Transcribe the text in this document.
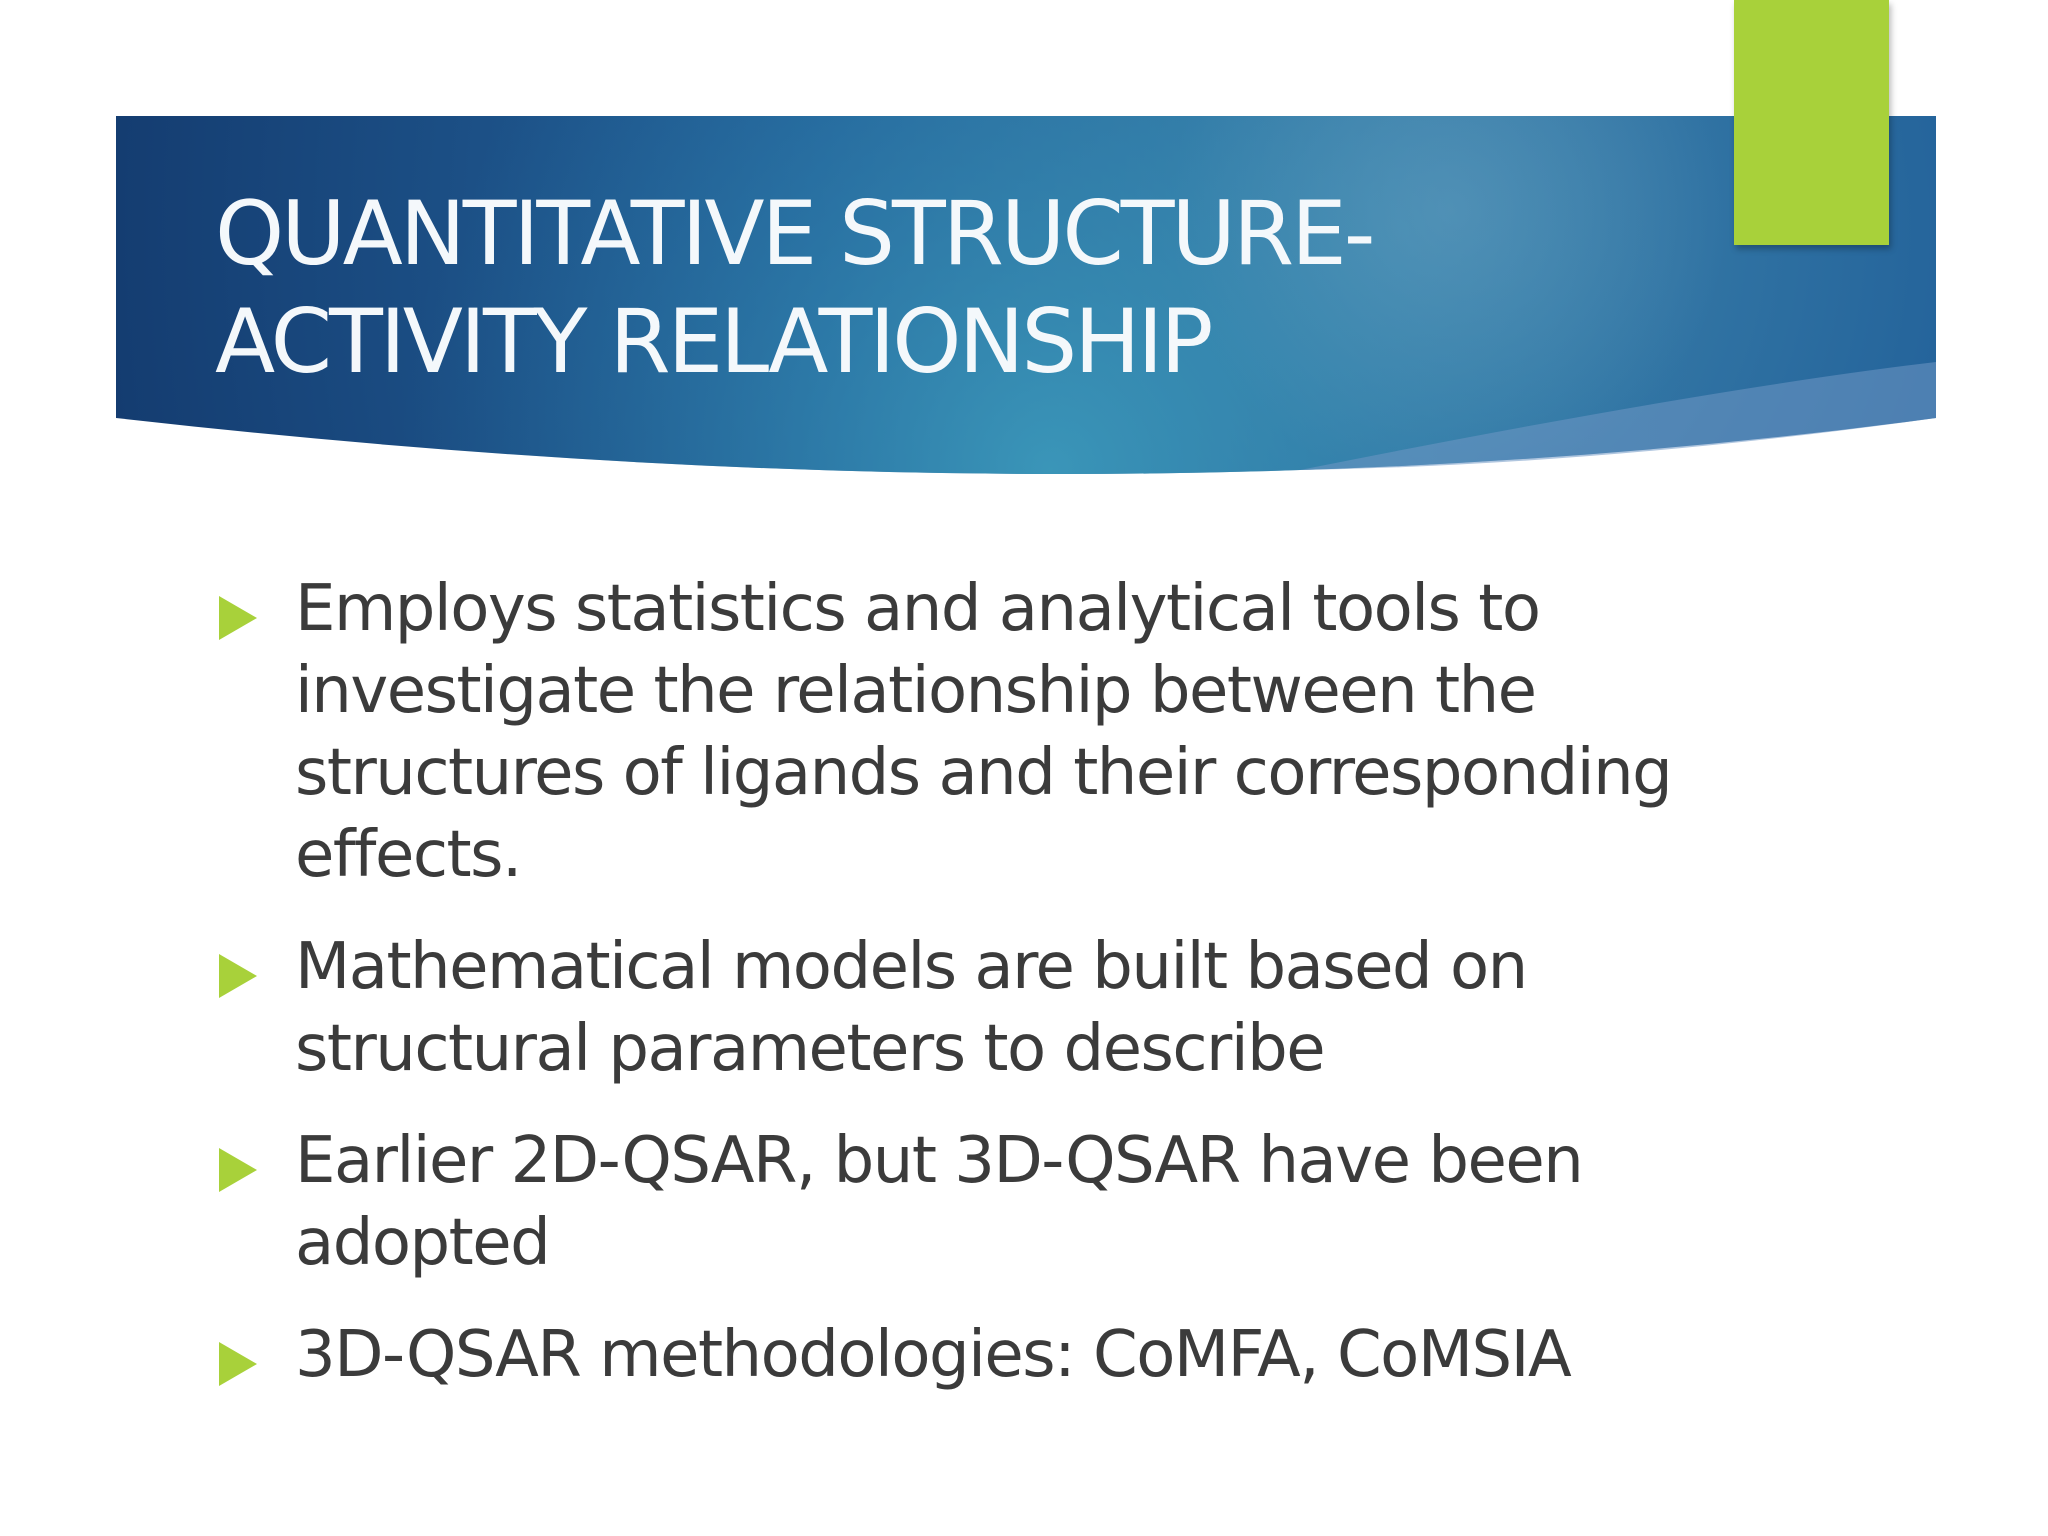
QUANTITATIVE STRUCTURE-
ACTIVITY RELATIONSHIP
Employs statistics and analytical tools to investigate the relationship between the structures of ligands and their corresponding effects.
Mathematical models are built based on structural parameters to describe
Earlier 2D-QSAR, but 3D-QSAR have been adopted
3D-QSAR methodologies: CoMFA, CoMSIA
